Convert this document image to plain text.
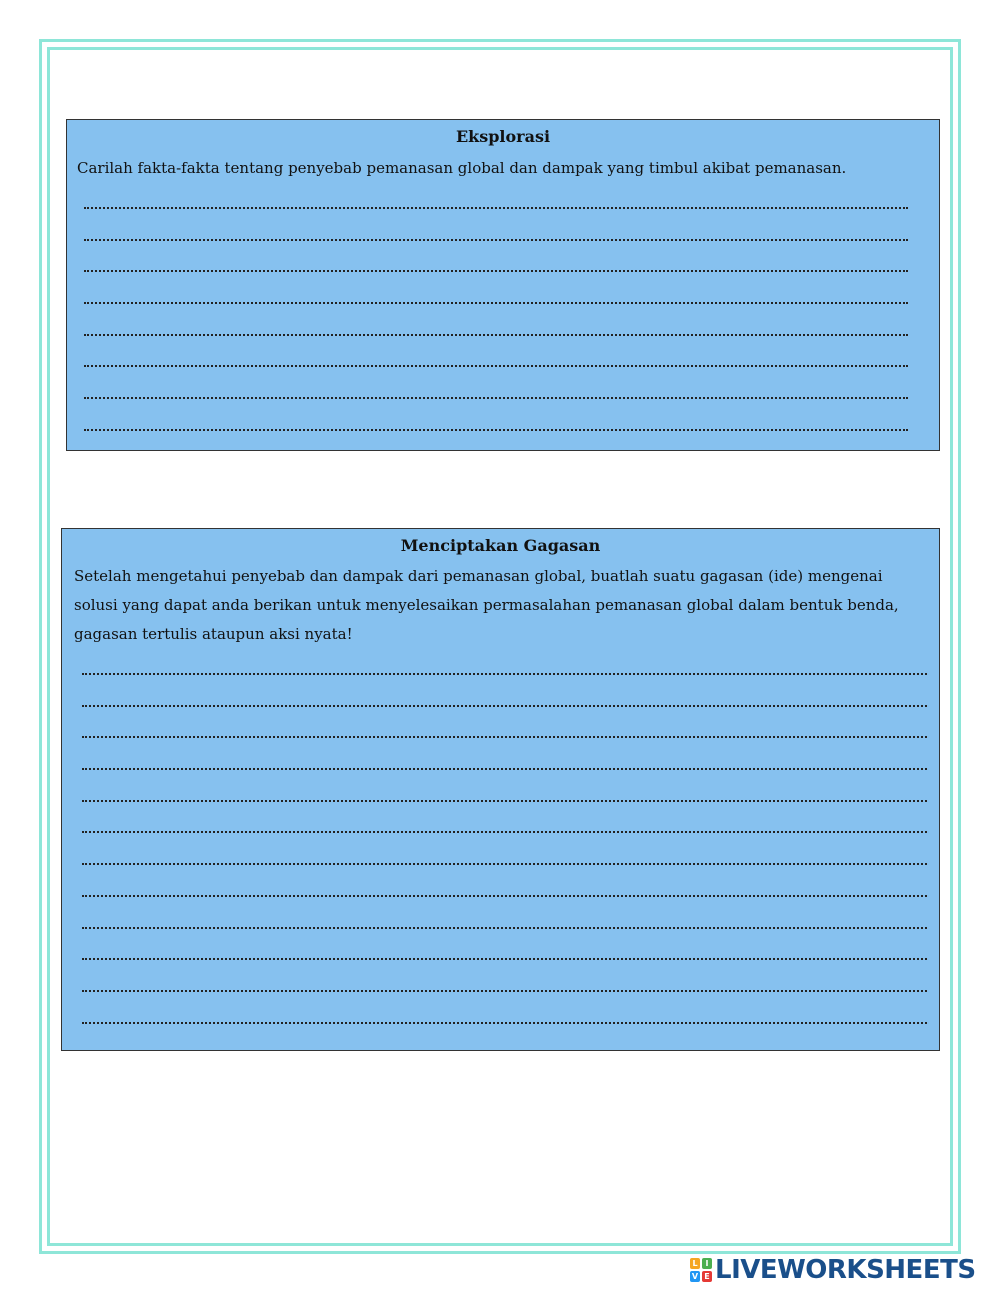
Eksplorasi

Carilah fakta-fakta tentang penyebab pemanasan global dan dampak yang timbul akibat pemanasan.

Menciptakan Gagasan

Setelah mengetahui penyebab dan dampak dari pemanasan global, buatlah suatu gagasan (ide) mengenai solusi yang dapat anda berikan untuk menyelesaikan permasalahan pemanasan global dalam bentuk benda, gagasan tertulis ataupun aksi nyata!

L I
V E LIVEWORKSHEETS
